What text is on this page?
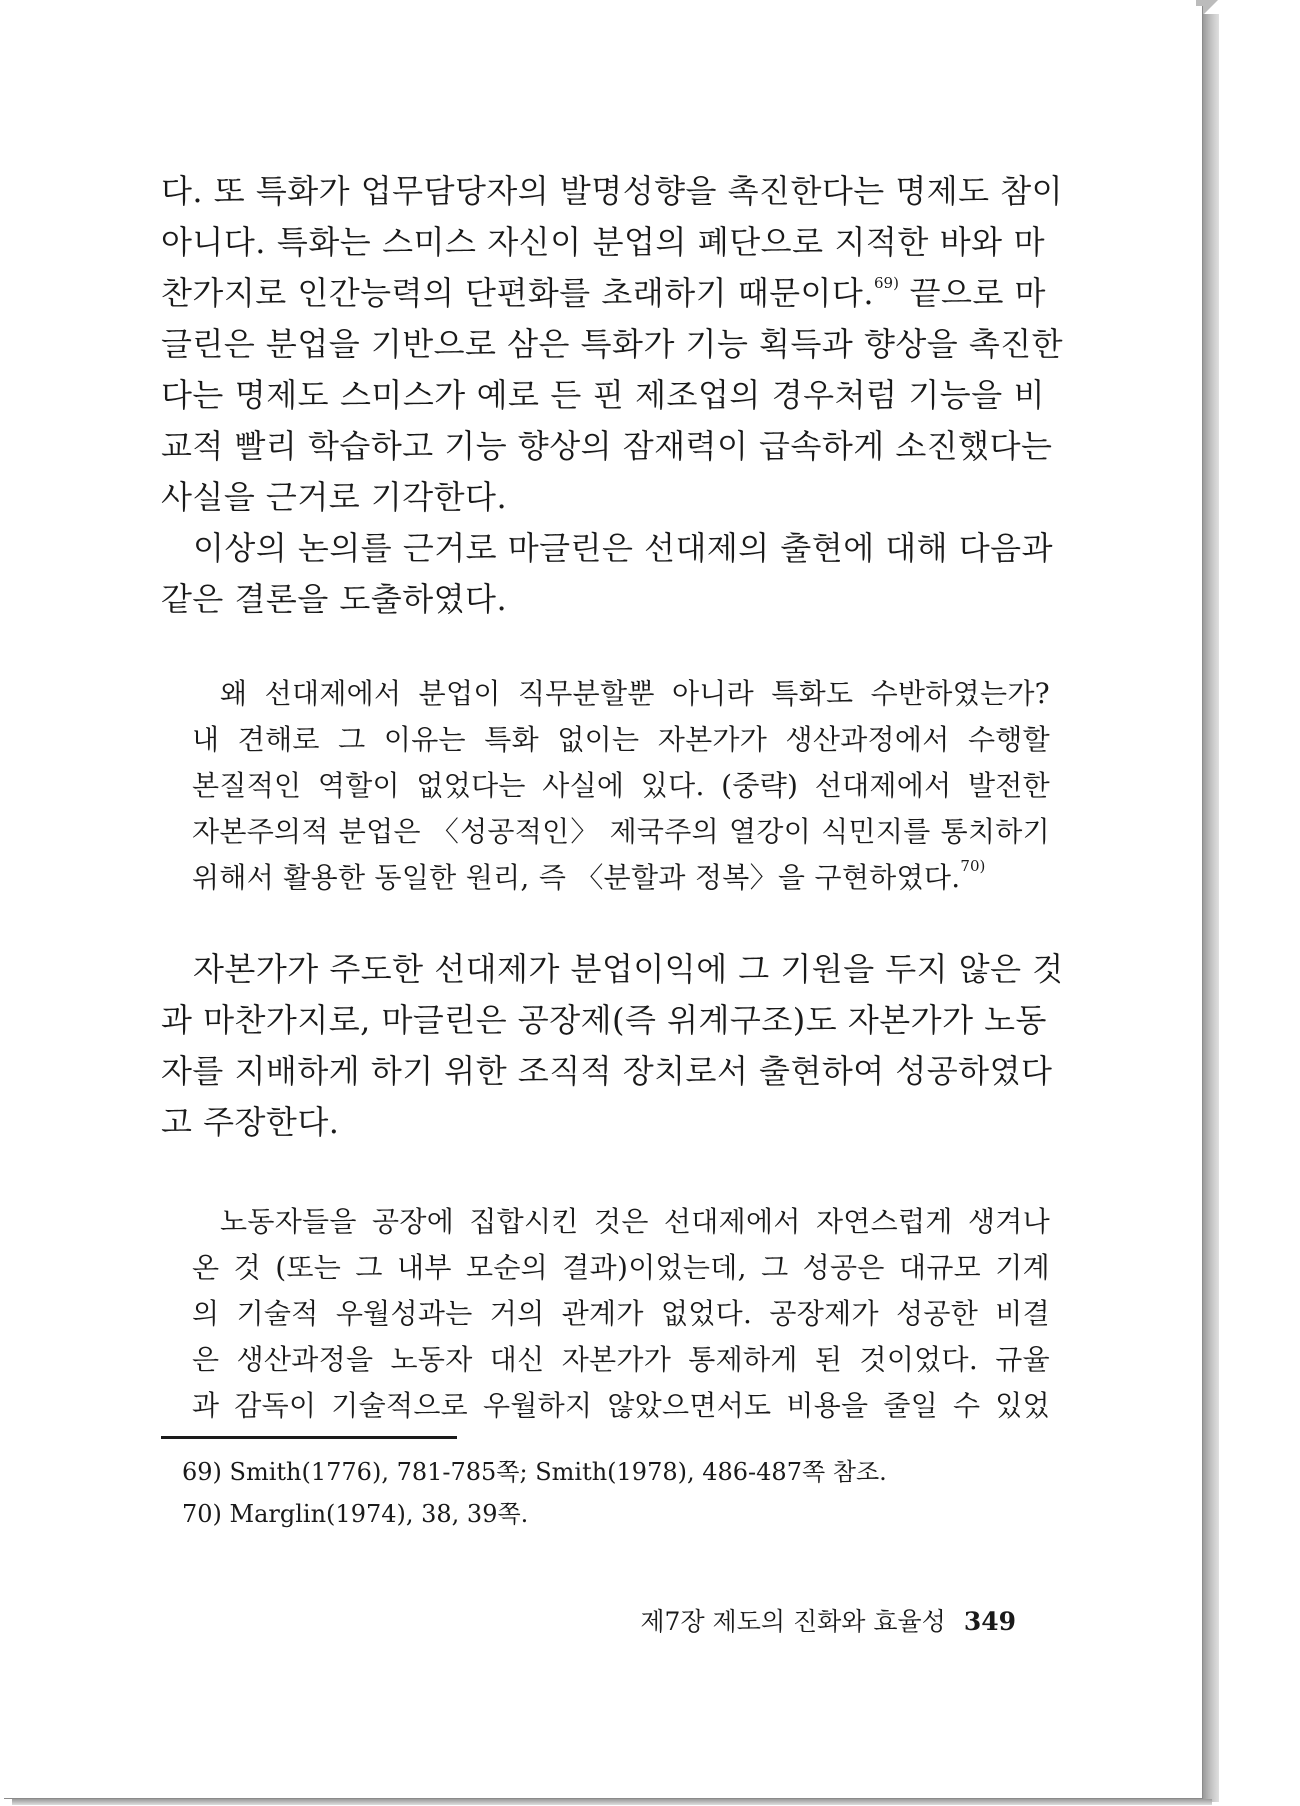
다. 또 특화가 업무담당자의 발명성향을 촉진한다는 명제도 참이
아니다. 특화는 스미스 자신이 분업의 폐단으로 지적한 바와 마
찬가지로 인간능력의 단편화를 초래하기 때문이다.$^{69)}$ 끝으로 마
글린은 분업을 기반으로 삼은 특화가 기능 획득과 향상을 촉진한
다는 명제도 스미스가 예로 든 핀 제조업의 경우처럼 기능을 비
교적 빨리 학습하고 기능 향상의 잠재력이 급속하게 소진했다는
사실을 근거로 기각한다.
이상의 논의를 근거로 마글린은 선대제의 출현에 대해 다음과
같은 결론을 도출하였다.
왜 선대제에서 분업이 직무분할뿐 아니라 특화도 수반하였는가?
내 견해로 그 이유는 특화 없이는 자본가가 생산과정에서 수행할
본질적인 역할이 없었다는 사실에 있다. (중략) 선대제에서 발전한
자본주의적 분업은 〈성공적인〉 제국주의 열강이 식민지를 통치하기
위해서 활용한 동일한 원리, 즉 〈분할과 정복〉을 구현하였다.$^{70)}$
자본가가 주도한 선대제가 분업이익에 그 기원을 두지 않은 것
과 마찬가지로, 마글린은 공장제(즉 위계구조)도 자본가가 노동
자를 지배하게 하기 위한 조직적 장치로서 출현하여 성공하였다
고 주장한다.
노동자들을 공장에 집합시킨 것은 선대제에서 자연스럽게 생겨나
온 것 (또는 그 내부 모순의 결과)이었는데, 그 성공은 대규모 기계
의 기술적 우월성과는 거의 관계가 없었다. 공장제가 성공한 비결
은 생산과정을 노동자 대신 자본가가 통제하게 된 것이었다. 규율
과 감독이 기술적으로 우월하지 않았으면서도 비용을 줄일 수 있었
69) Smith(1776), 781-785쪽; Smith(1978), 486-487쪽 참조.
70) Marglin(1974), 38, 39쪽.
제7장 제도의 진화와 효율성 349
